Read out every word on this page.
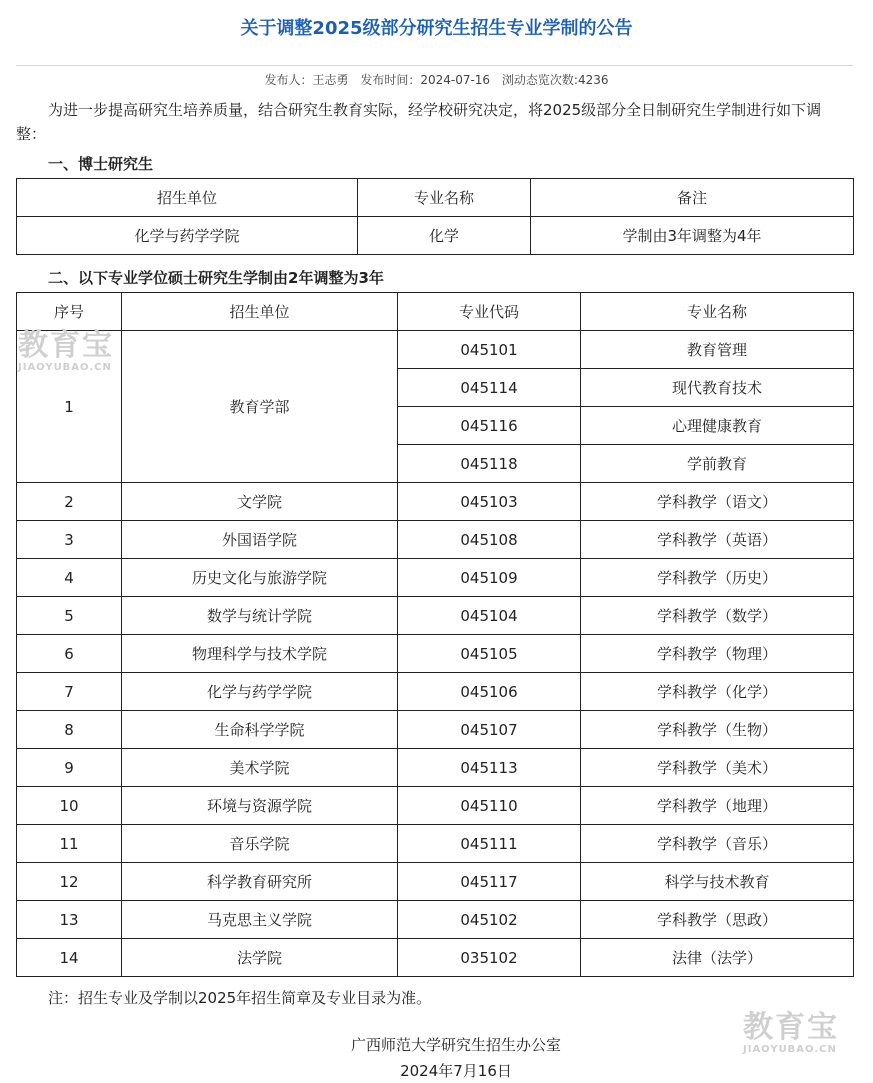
关于调整2025级部分研究生招生专业学制的公告
发布人：王志勇 发布时间：2024-07-16 浏动态览次数:4236
为进一步提高研究生培养质量，结合研究生教育实际，经学校研究决定，将2025级部分全日制研究生学制进行如下调整：
一、博士研究生
招生单位	专业名称	备注
化学与药学学院	化学	学制由3年调整为4年
二、以下专业学位硕士研究生学制由2年调整为3年
序号	招生单位	专业代码	专业名称
1	教育学部	045101	教育管理
		045114	现代教育技术
		045116	心理健康教育
		045118	学前教育
2	文学院	045103	学科教学（语文）
3	外国语学院	045108	学科教学（英语）
4	历史文化与旅游学院	045109	学科教学（历史）
5	数学与统计学院	045104	学科教学（数学）
6	物理科学与技术学院	045105	学科教学（物理）
7	化学与药学学院	045106	学科教学（化学）
8	生命科学学院	045107	学科教学（生物）
9	美术学院	045113	学科教学（美术）
10	环境与资源学院	045110	学科教学（地理）
11	音乐学院	045111	学科教学（音乐）
12	科学教育研究所	045117	科学与技术教育
13	马克思主义学院	045102	学科教学（思政）
14	法学院	035102	法律（法学）
注：招生专业及学制以2025年招生简章及专业目录为准。
广西师范大学研究生招生办公室
2024年7月16日
教育宝
JIAOYUBAO.CN
教育宝
JIAOYUBAO.CN
